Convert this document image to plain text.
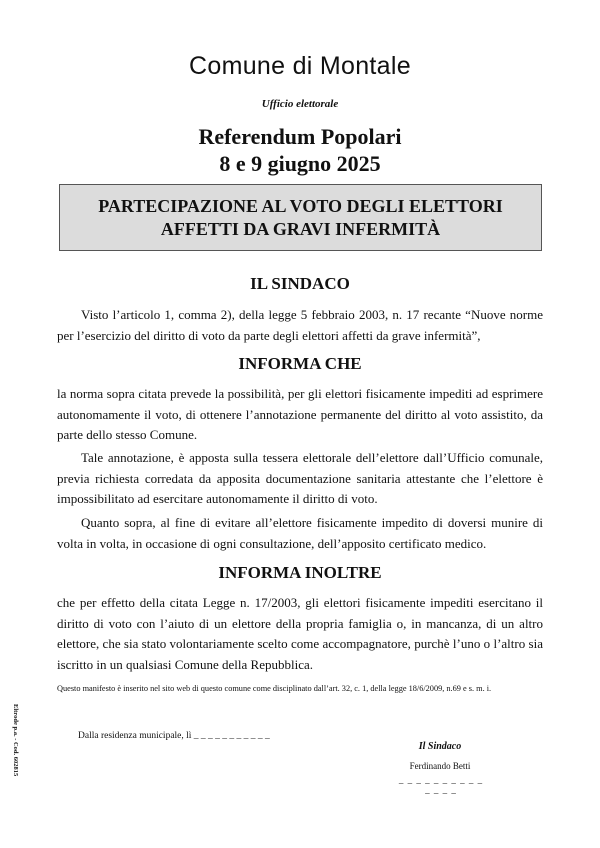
Comune di Montale
Ufficio elettorale
Referendum Popolari
8 e 9 giugno 2025
PARTECIPAZIONE AL VOTO DEGLI ELETTORI
AFFETTI DA GRAVI INFERMITÀ
IL SINDACO

Visto l’articolo 1, comma 2), della legge 5 febbraio 2003, n. 17 recante “Nuove norme per l’esercizio del diritto di voto da parte degli elettori affetti da grave infermità”,

INFORMA CHE

la norma sopra citata prevede la possibilità, per gli elettori fisicamente impediti ad esprimere autonomamente il voto, di ottenere l’annotazione permanente del diritto al voto assistito, da parte dello stesso Comune.

Tale annotazione, è apposta sulla tessera elettorale dell’elettore dall’Ufficio comunale, previa richiesta corredata da apposita documentazione sanitaria attestante che l’elettore è impossibilitato ad esercitare autonomamente il diritto di voto.

Quanto sopra, al fine di evitare all’elettore fisicamente impedito di doversi munire di volta in volta, in occasione di ogni consultazione, dell’apposito certificato medico.

INFORMA INOLTRE

che per effetto della citata Legge n. 17/2003, gli elettori fisicamente impediti esercitano il diritto di voto con l’aiuto di un elettore della propria famiglia o, in mancanza, di un altro elettore, che sia stato volontariamente scelto come accompagnatore, purchè l’uno o l’altro sia iscritto in un qualsiasi Comune della Repubblica.

Questo manifesto è inserito nel sito web di questo comune come disciplinato dall’art. 32, c. 1, della legge 18/6/2009, n.69 e s. m. i.
Dalla residenza municipale, lì _ _ _ _ _ _ _ _ _ _ _
Il Sindaco
Ferdinando Betti
_ _ _ _ _ _ _ _ _ _ _ _ _ _
Eltrode p.a. - Cod. 602815
